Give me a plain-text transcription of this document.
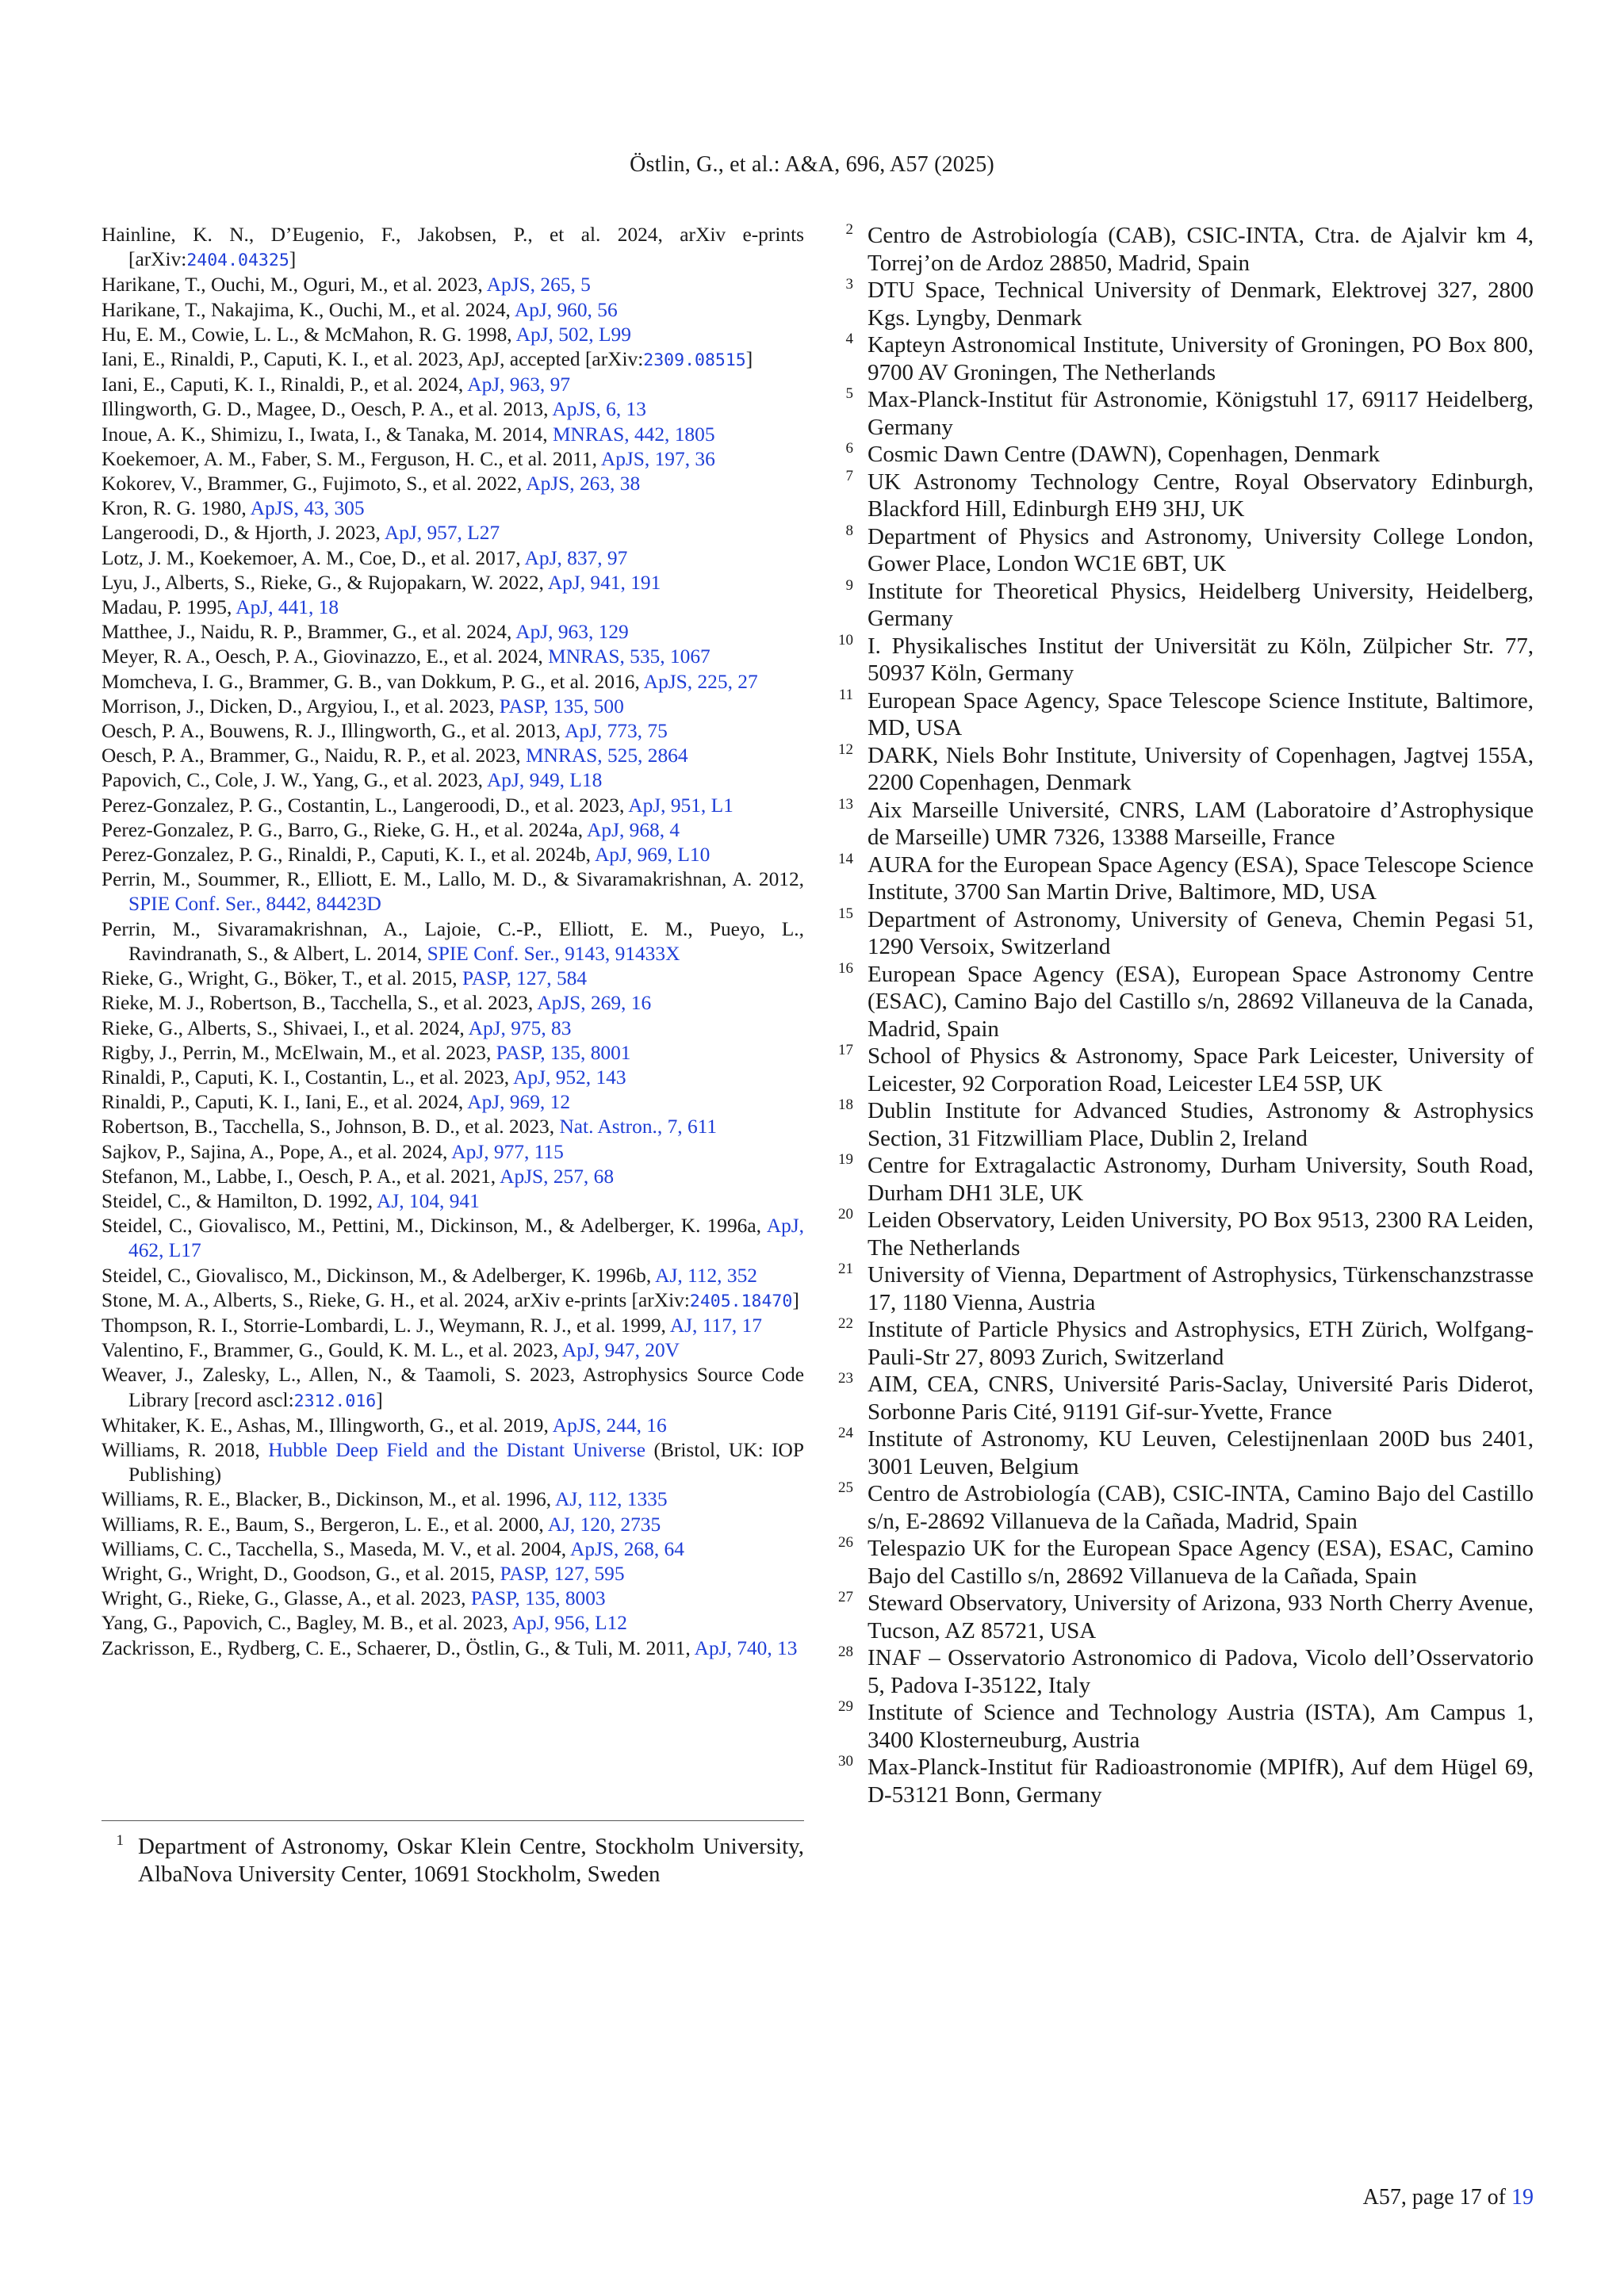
Östlin, G., et al.: A&A, 696, A57 (2025)
Hainline, K. N., D’Eugenio, F., Jakobsen, P., et al. 2024, arXiv e-prints [arXiv:2404.04325]
Harikane, T., Ouchi, M., Oguri, M., et al. 2023, ApJS, 265, 5
Harikane, T., Nakajima, K., Ouchi, M., et al. 2024, ApJ, 960, 56
Hu, E. M., Cowie, L. L., & McMahon, R. G. 1998, ApJ, 502, L99
Iani, E., Rinaldi, P., Caputi, K. I., et al. 2023, ApJ, accepted [arXiv:2309.08515]
Iani, E., Caputi, K. I., Rinaldi, P., et al. 2024, ApJ, 963, 97
Illingworth, G. D., Magee, D., Oesch, P. A., et al. 2013, ApJS, 6, 13
Inoue, A. K., Shimizu, I., Iwata, I., & Tanaka, M. 2014, MNRAS, 442, 1805
Koekemoer, A. M., Faber, S. M., Ferguson, H. C., et al. 2011, ApJS, 197, 36
Kokorev, V., Brammer, G., Fujimoto, S., et al. 2022, ApJS, 263, 38
Kron, R. G. 1980, ApJS, 43, 305
Langeroodi, D., & Hjorth, J. 2023, ApJ, 957, L27
Lotz, J. M., Koekemoer, A. M., Coe, D., et al. 2017, ApJ, 837, 97
Lyu, J., Alberts, S., Rieke, G., & Rujopakarn, W. 2022, ApJ, 941, 191
Madau, P. 1995, ApJ, 441, 18
Matthee, J., Naidu, R. P., Brammer, G., et al. 2024, ApJ, 963, 129
Meyer, R. A., Oesch, P. A., Giovinazzo, E., et al. 2024, MNRAS, 535, 1067
Momcheva, I. G., Brammer, G. B., van Dokkum, P. G., et al. 2016, ApJS, 225, 27
Morrison, J., Dicken, D., Argyiou, I., et al. 2023, PASP, 135, 500
Oesch, P. A., Bouwens, R. J., Illingworth, G., et al. 2013, ApJ, 773, 75
Oesch, P. A., Brammer, G., Naidu, R. P., et al. 2023, MNRAS, 525, 2864
Papovich, C., Cole, J. W., Yang, G., et al. 2023, ApJ, 949, L18
Perez-Gonzalez, P. G., Costantin, L., Langeroodi, D., et al. 2023, ApJ, 951, L1
Perez-Gonzalez, P. G., Barro, G., Rieke, G. H., et al. 2024a, ApJ, 968, 4
Perez-Gonzalez, P. G., Rinaldi, P., Caputi, K. I., et al. 2024b, ApJ, 969, L10
Perrin, M., Soummer, R., Elliott, E. M., Lallo, M. D., & Sivaramakrishnan, A. 2012, SPIE Conf. Ser., 8442, 84423D
Perrin, M., Sivaramakrishnan, A., Lajoie, C.-P., Elliott, E. M., Pueyo, L., Ravindranath, S., & Albert, L. 2014, SPIE Conf. Ser., 9143, 91433X
Rieke, G., Wright, G., Böker, T., et al. 2015, PASP, 127, 584
Rieke, M. J., Robertson, B., Tacchella, S., et al. 2023, ApJS, 269, 16
Rieke, G., Alberts, S., Shivaei, I., et al. 2024, ApJ, 975, 83
Rigby, J., Perrin, M., McElwain, M., et al. 2023, PASP, 135, 8001
Rinaldi, P., Caputi, K. I., Costantin, L., et al. 2023, ApJ, 952, 143
Rinaldi, P., Caputi, K. I., Iani, E., et al. 2024, ApJ, 969, 12
Robertson, B., Tacchella, S., Johnson, B. D., et al. 2023, Nat. Astron., 7, 611
Sajkov, P., Sajina, A., Pope, A., et al. 2024, ApJ, 977, 115
Stefanon, M., Labbe, I., Oesch, P. A., et al. 2021, ApJS, 257, 68
Steidel, C., & Hamilton, D. 1992, AJ, 104, 941
Steidel, C., Giovalisco, M., Pettini, M., Dickinson, M., & Adelberger, K. 1996a, ApJ, 462, L17
Steidel, C., Giovalisco, M., Dickinson, M., & Adelberger, K. 1996b, AJ, 112, 352
Stone, M. A., Alberts, S., Rieke, G. H., et al. 2024, arXiv e-prints [arXiv:2405.18470]
Thompson, R. I., Storrie-Lombardi, L. J., Weymann, R. J., et al. 1999, AJ, 117, 17
Valentino, F., Brammer, G., Gould, K. M. L., et al. 2023, ApJ, 947, 20V
Weaver, J., Zalesky, L., Allen, N., & Taamoli, S. 2023, Astrophysics Source Code Library [record ascl:2312.016]
Whitaker, K. E., Ashas, M., Illingworth, G., et al. 2019, ApJS, 244, 16
Williams, R. 2018, Hubble Deep Field and the Distant Universe (Bristol, UK: IOP Publishing)
Williams, R. E., Blacker, B., Dickinson, M., et al. 1996, AJ, 112, 1335
Williams, R. E., Baum, S., Bergeron, L. E., et al. 2000, AJ, 120, 2735
Williams, C. C., Tacchella, S., Maseda, M. V., et al. 2004, ApJS, 268, 64
Wright, G., Wright, D., Goodson, G., et al. 2015, PASP, 127, 595
Wright, G., Rieke, G., Glasse, A., et al. 2023, PASP, 135, 8003
Yang, G., Papovich, C., Bagley, M. B., et al. 2023, ApJ, 956, L12
Zackrisson, E., Rydberg, C. E., Schaerer, D., Östlin, G., & Tuli, M. 2011, ApJ, 740, 13
1 Department of Astronomy, Oskar Klein Centre, Stockholm University, AlbaNova University Center, 10691 Stockholm, Sweden
2 Centro de Astrobiología (CAB), CSIC-INTA, Ctra. de Ajalvir km 4, Torrej’on de Ardoz 28850, Madrid, Spain
3 DTU Space, Technical University of Denmark, Elektrovej 327, 2800 Kgs. Lyngby, Denmark
4 Kapteyn Astronomical Institute, University of Groningen, PO Box 800, 9700 AV Groningen, The Netherlands
5 Max-Planck-Institut für Astronomie, Königstuhl 17, 69117 Heidelberg, Germany
6 Cosmic Dawn Centre (DAWN), Copenhagen, Denmark
7 UK Astronomy Technology Centre, Royal Observatory Edinburgh, Blackford Hill, Edinburgh EH9 3HJ, UK
8 Department of Physics and Astronomy, University College London, Gower Place, London WC1E 6BT, UK
9 Institute for Theoretical Physics, Heidelberg University, Heidelberg, Germany
10 I. Physikalisches Institut der Universität zu Köln, Zülpicher Str. 77, 50937 Köln, Germany
11 European Space Agency, Space Telescope Science Institute, Baltimore, MD, USA
12 DARK, Niels Bohr Institute, University of Copenhagen, Jagtvej 155A, 2200 Copenhagen, Denmark
13 Aix Marseille Université, CNRS, LAM (Laboratoire d’Astrophysique de Marseille) UMR 7326, 13388 Marseille, France
14 AURA for the European Space Agency (ESA), Space Telescope Science Institute, 3700 San Martin Drive, Baltimore, MD, USA
15 Department of Astronomy, University of Geneva, Chemin Pegasi 51, 1290 Versoix, Switzerland
16 European Space Agency (ESA), European Space Astronomy Centre (ESAC), Camino Bajo del Castillo s/n, 28692 Villaneuva de la Canada, Madrid, Spain
17 School of Physics & Astronomy, Space Park Leicester, University of Leicester, 92 Corporation Road, Leicester LE4 5SP, UK
18 Dublin Institute for Advanced Studies, Astronomy & Astrophysics Section, 31 Fitzwilliam Place, Dublin 2, Ireland
19 Centre for Extragalactic Astronomy, Durham University, South Road, Durham DH1 3LE, UK
20 Leiden Observatory, Leiden University, PO Box 9513, 2300 RA Leiden, The Netherlands
21 University of Vienna, Department of Astrophysics, Türkenschanzstrasse 17, 1180 Vienna, Austria
22 Institute of Particle Physics and Astrophysics, ETH Zürich, Wolfgang-Pauli-Str 27, 8093 Zurich, Switzerland
23 AIM, CEA, CNRS, Université Paris-Saclay, Université Paris Diderot, Sorbonne Paris Cité, 91191 Gif-sur-Yvette, France
24 Institute of Astronomy, KU Leuven, Celestijnenlaan 200D bus 2401, 3001 Leuven, Belgium
25 Centro de Astrobiología (CAB), CSIC-INTA, Camino Bajo del Castillo s/n, E-28692 Villanueva de la Cañada, Madrid, Spain
26 Telespazio UK for the European Space Agency (ESA), ESAC, Camino Bajo del Castillo s/n, 28692 Villanueva de la Cañada, Spain
27 Steward Observatory, University of Arizona, 933 North Cherry Avenue, Tucson, AZ 85721, USA
28 INAF – Osservatorio Astronomico di Padova, Vicolo dell’Osservatorio 5, Padova I-35122, Italy
29 Institute of Science and Technology Austria (ISTA), Am Campus 1, 3400 Klosterneuburg, Austria
30 Max-Planck-Institut für Radioastronomie (MPIfR), Auf dem Hügel 69, D-53121 Bonn, Germany
A57, page 17 of 19
